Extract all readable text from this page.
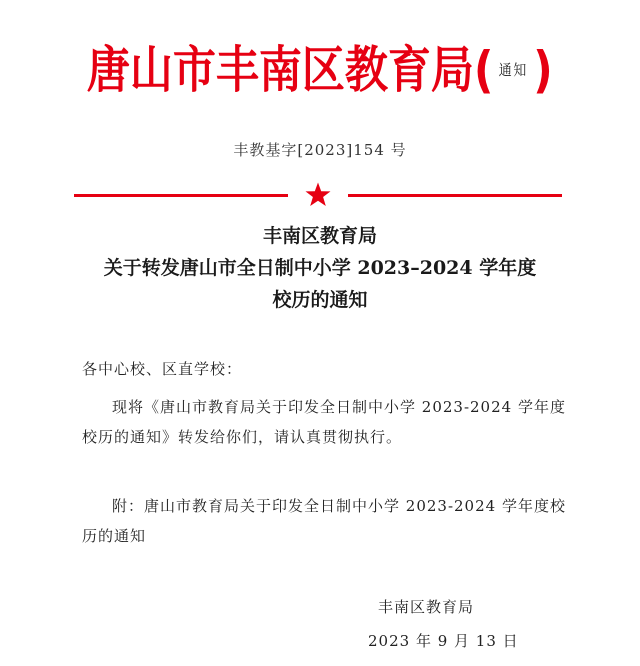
唐山市丰南区教育局( 通知 )
丰教基字[2023]154 号
丰南区教育局
关于转发唐山市全日制中小学 2023–2024 学年度
校历的通知
各中心校、区直学校：
现将《唐山市教育局关于印发全日制中小学 2023-2024 学年度
校历的通知》转发给你们，请认真贯彻执行。
附：唐山市教育局关于印发全日制中小学 2023-2024 学年度校
历的通知
丰南区教育局
2023 年 9 月 13 日
